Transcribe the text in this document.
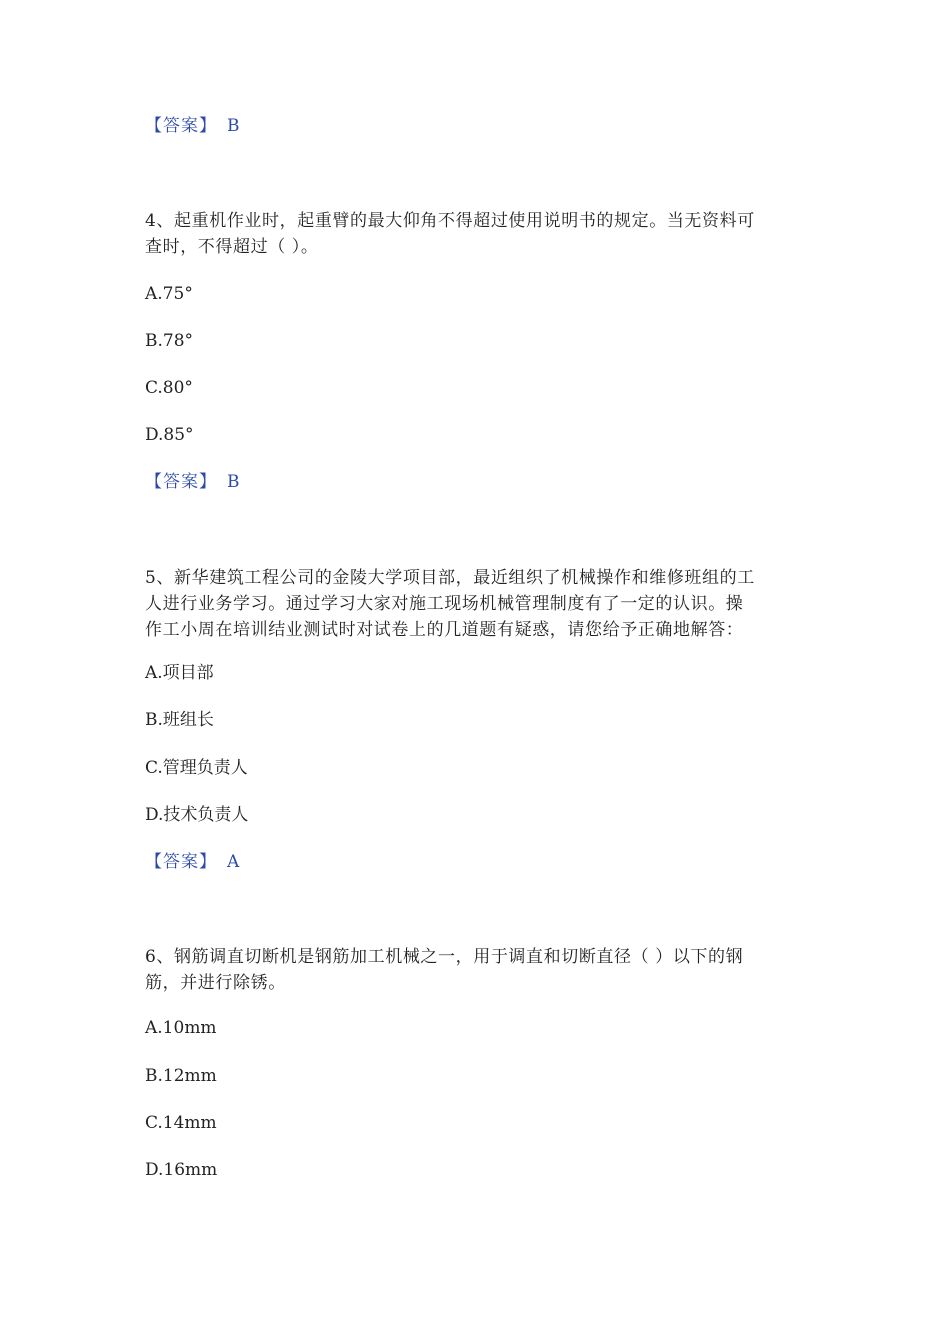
【答案】 B
4、起重机作业时，起重臂的最大仰角不得超过使用说明书的规定。当无资料可
查时，不得超过（ ）。
A.75°
B.78°
C.80°
D.85°
【答案】 B
5、新华建筑工程公司的金陵大学项目部，最近组织了机械操作和维修班组的工
人进行业务学习。通过学习大家对施工现场机械管理制度有了一定的认识。操
作工小周在培训结业测试时对试卷上的几道题有疑惑，请您给予正确地解答：
A.项目部
B.班组长
C.管理负责人
D.技术负责人
【答案】 A
6、钢筋调直切断机是钢筋加工机械之一，用于调直和切断直径（ ）以下的钢
筋，并进行除锈。
A.10mm
B.12mm
C.14mm
D.16mm
